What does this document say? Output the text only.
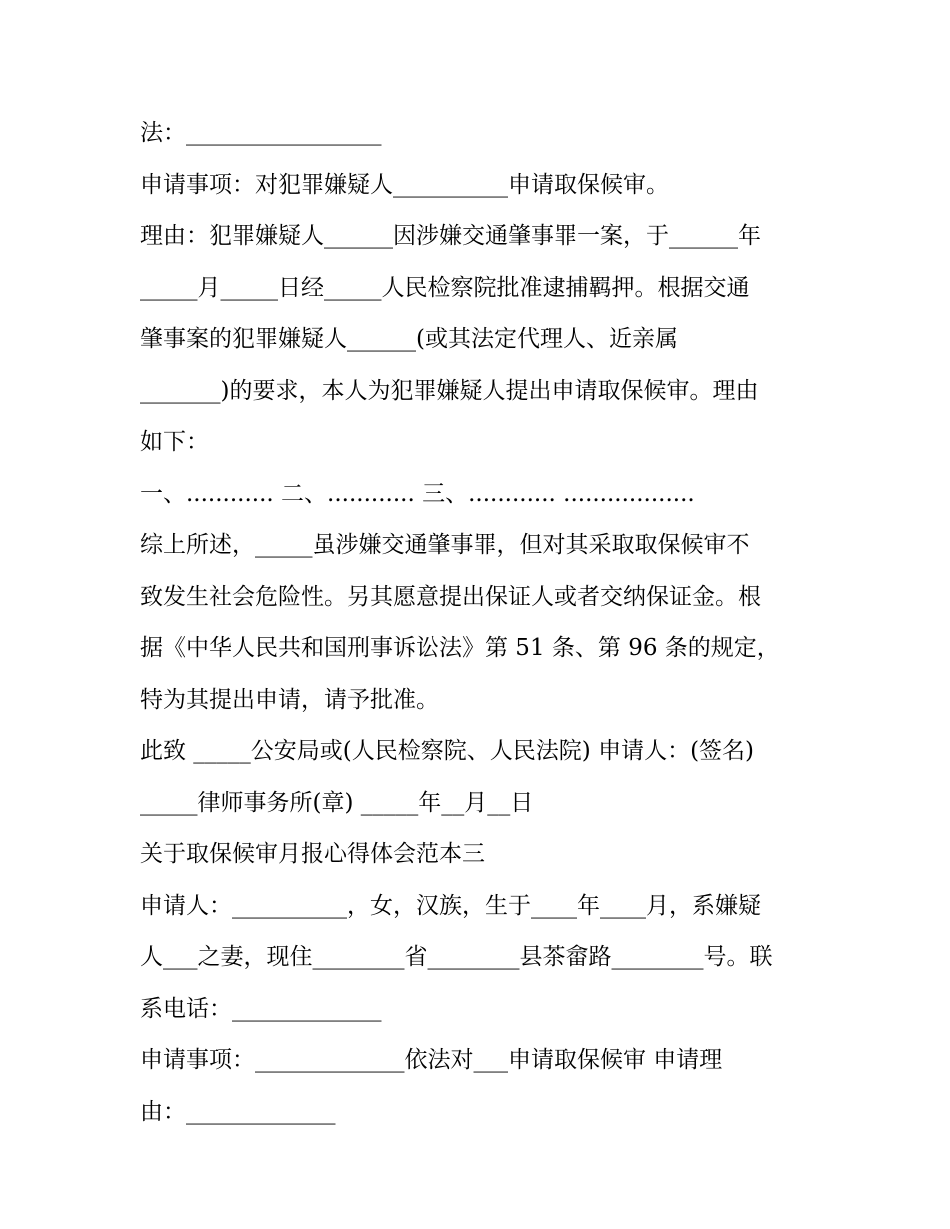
法：_________________
申请事项：对犯罪嫌疑人__________申请取保候审。
理由：犯罪嫌疑人______因涉嫌交通肇事罪一案，于______年
_____月_____日经_____人民检察院批准逮捕羁押。根据交通
肇事案的犯罪嫌疑人______(或其法定代理人、近亲属
_______)的要求，本人为犯罪嫌疑人提出申请取保候审。理由
如下：
一、............ 二、............ 三、............ ..................
综上所述，_____虽涉嫌交通肇事罪，但对其采取取保候审不
致发生社会危险性。另其愿意提出保证人或者交纳保证金。根
据《中华人民共和国刑事诉讼法》第 51 条、第 96 条的规定，
特为其提出申请，请予批准。
此致 _____公安局或(人民检察院、人民法院) 申请人：(签名)
_____律师事务所(章) _____年__月__日
关于取保候审月报心得体会范本三
申请人：__________，女，汉族，生于____年____月，系嫌疑
人___之妻，现住________省________县茶畲路________号。联
系电话：_____________
申请事项：_____________依法对___申请取保候审 申请理
由：_____________
